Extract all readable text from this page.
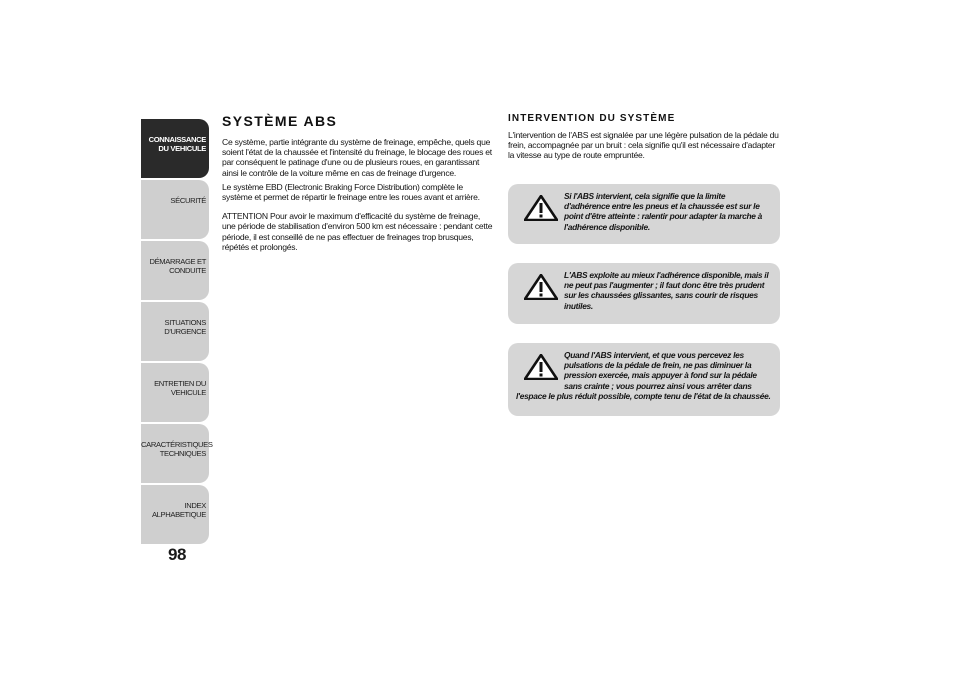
CONNAISSANCE
DU VEHICULE
SÉCURITÉ
DÉMARRAGE ET
CONDUITE
SITUATIONS
D'URGENCE
ENTRETIEN DU
VEHICULE
CARACTÉRISTIQUES
TECHNIQUES
INDEX
ALPHABETIQUE
98
SYSTÈME ABS

Ce système, partie intégrante du système de freinage, empêche, quels que soient l'état de la chaussée et l'intensité du freinage, le blocage des roues et par conséquent le patinage d'une ou de plusieurs roues, en garantissant ainsi le contrôle de la voiture même en cas de freinage d'urgence.

Le système EBD (Electronic Braking Force Distribution) complète le système et permet de répartir le freinage entre les roues avant et arrière.

ATTENTION Pour avoir le maximum d'efficacité du système de freinage, une période de stabilisation d'environ 500 km est nécessaire : pendant cette période, il est conseillé de ne pas effectuer de freinages trop brusques, répétés et prolongés.

INTERVENTION DU SYSTÈME

L'intervention de l'ABS est signalée par une légère pulsation de la pédale du frein, accompagnée par un bruit : cela signifie qu'il est nécessaire d'adapter la vitesse au type de route empruntée.

Si l'ABS intervient, cela signifie que la limite d'adhérence entre les pneus et la chaussée est sur le point d'être atteinte : ralentir pour adapter la marche à l'adhérence disponible.

L'ABS exploite au mieux l'adhérence disponible, mais il ne peut pas l'augmenter ; il faut donc être très prudent sur les chaussées glissantes, sans courir de risques inutiles.

Quand l'ABS intervient, et que vous percevez les pulsations de la pédale de frein, ne pas diminuer la pression exercée, mais appuyer à fond sur la pédale sans crainte ; vous pourrez ainsi vous arrêter dans l'espace le plus réduit possible, compte tenu de l'état de la chaussée.
